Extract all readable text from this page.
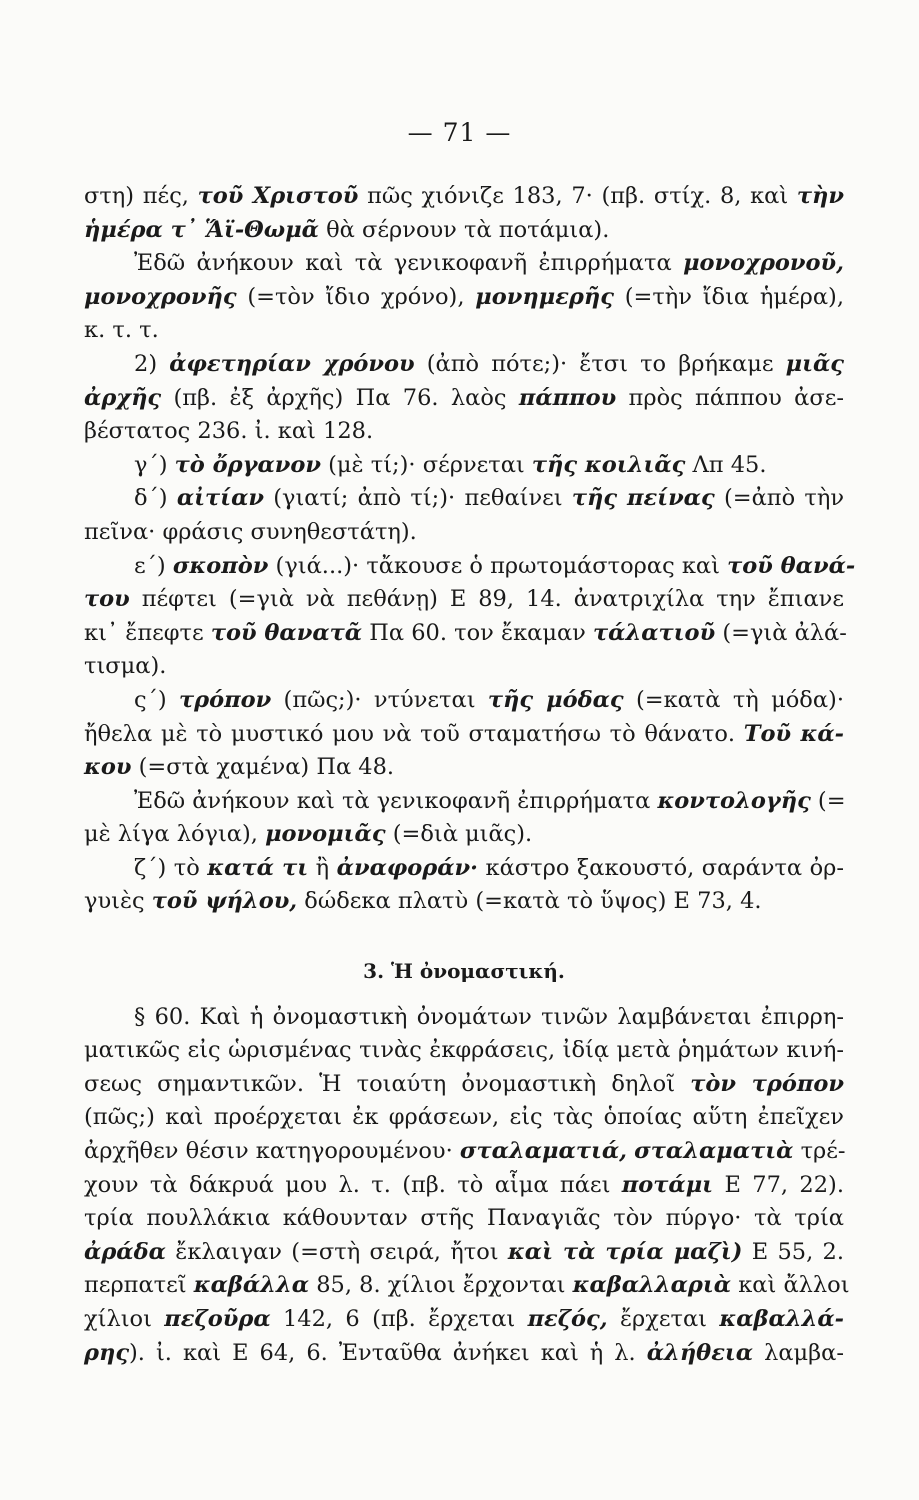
— 71 —
στη) πές, τοῦ Χριστοῦ πῶς χιόνιζε 183, 7· (πβ. στίχ. 8, καὶ τὴν
ἡμέρα τ᾽ Ἅϊ-Θωμᾶ θὰ σέρνουν τὰ ποτάμια).
Ἐδῶ ἀνήκουν καὶ τὰ γενικοφανῆ ἐπιρρήματα μονοχρονοῦ,
μονοχρονῆς (=τὸν ἴδιο χρόνο), μονημερῆς (=τὴν ἴδια ἡμέρα),
κ. τ. τ.
2) ἀφετηρίαν χρόνου (ἀπὸ πότε;)· ἔτσι το βρήκαμε μιᾶς
ἀρχῆς (πβ. ἐξ ἀρχῆς) Πα 76. λαὸς πάππου πρὸς πάππου ἀσε-
βέστατος 236. ἰ. καὶ 128.
γ΄) τὸ ὄργανον (μὲ τί;)· σέρνεται τῆς κοιλιᾶς Λπ 45.
δ΄) αἰτίαν (γιατί; ἀπὸ τί;)· πεθαίνει τῆς πείνας (=ἀπὸ τὴν
πεῖνα· φράσις συνηθεστάτη).
ε΄) σκοπὸν (γιά...)· τἄκουσε ὁ πρωτομάστορας καὶ τοῦ θανά-
του πέφτει (=γιὰ νὰ πεθάνῃ) Ε 89, 14. ἀνατριχίλα την ἔπιανε
κι᾽ ἔπεφτε τοῦ θανατᾶ Πα 60. τον ἔκαμαν τάλατιοῦ (=γιὰ ἀλά-
τισμα).
ς΄) τρόπον (πῶς;)· ντύνεται τῆς μόδας (=κατὰ τὴ μόδα)·
ἤθελα μὲ τὸ μυστικό μου νὰ τοῦ σταματήσω τὸ θάνατο. Τοῦ κά-
κου (=στὰ χαμένα) Πα 48.
Ἐδῶ ἀνήκουν καὶ τὰ γενικοφανῆ ἐπιρρήματα κοντολογῆς (=
μὲ λίγα λόγια), μονομιᾶς (=διὰ μιᾶς).
ζ΄) τὸ κατά τι ἢ ἀναφοράν· κάστρο ξακουστό, σαράντα ὀρ-
γυιὲς τοῦ ψήλου, δώδεκα πλατὺ (=κατὰ τὸ ὕψος) Ε 73, 4.
3. Ἡ ὀνομαστική.
§ 60. Καὶ ἡ ὀνομαστικὴ ὀνομάτων τινῶν λαμβάνεται ἐπιρρη-
ματικῶς εἰς ὡρισμένας τινὰς ἐκφράσεις, ἰδίᾳ μετὰ ῥημάτων κινή-
σεως σημαντικῶν. Ἡ τοιαύτη ὀνομαστικὴ δηλοῖ τὸν τρόπον
(πῶς;) καὶ προέρχεται ἐκ φράσεων, εἰς τὰς ὁποίας αὕτη ἐπεῖχεν
ἀρχῆθεν θέσιν κατηγορουμένου· σταλαματιά, σταλαματιὰ τρέ-
χουν τὰ δάκρυά μου λ. τ. (πβ. τὸ αἷμα πάει ποτάμι Ε 77, 22).
τρία πουλλάκια κάθουνταν στῆς Παναγιᾶς τὸν πύργο· τὰ τρία
ἀράδα ἔκλαιγαν (=στὴ σειρά, ἤτοι καὶ τὰ τρία μαζὶ) Ε 55, 2.
περπατεῖ καβάλλα 85, 8. χίλιοι ἔρχονται καβαλλαριὰ καὶ ἄλλοι
χίλιοι πεζοῦρα 142, 6 (πβ. ἔρχεται πεζός, ἔρχεται καβαλλά-
ρης). ἰ. καὶ Ε 64, 6. Ἐνταῦθα ἀνήκει καὶ ἡ λ. ἀλήθεια λαμβα-
